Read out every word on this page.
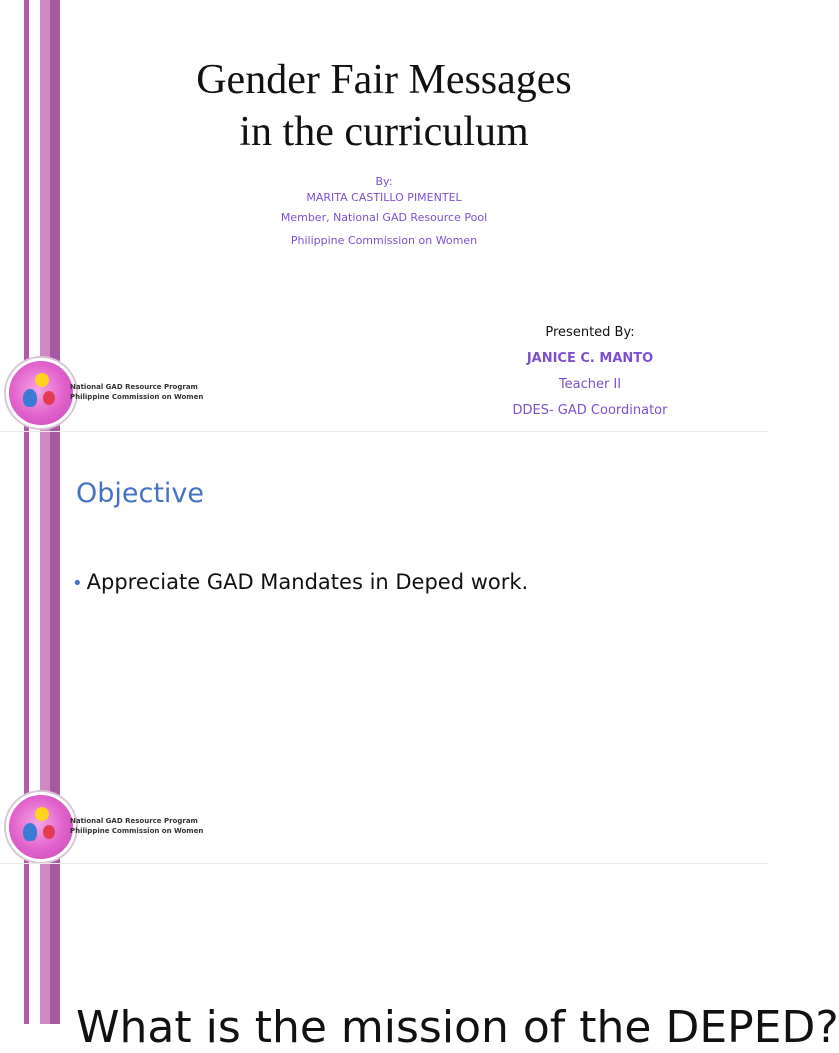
National GAD Resource Program
Philippine Commission on Women
Gender Fair Messages
in the curriculum
By:
MARITA CASTILLO PIMENTEL
Member, National GAD Resource Pool
Philippine Commission on Women
Presented By:
JANICE C. MANTO
Teacher II
DDES- GAD Coordinator
National GAD Resource Program
Philippine Commission on Women
Objective
• Appreciate GAD Mandates in Deped work.
What is the mission of the DEPED?
